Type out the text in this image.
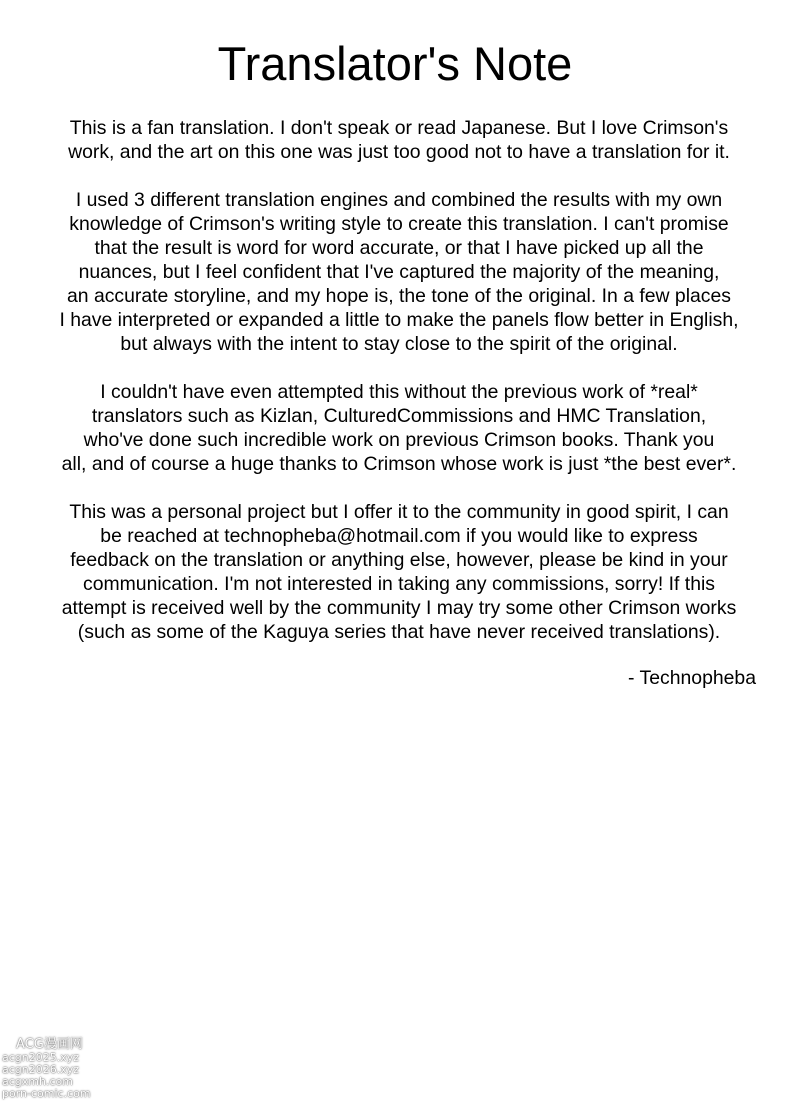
Translator's Note

This is a fan translation. I don't speak or read Japanese. But I love Crimson's
work, and the art on this one was just too good not to have a translation for it.

I used 3 different translation engines and combined the results with my own
knowledge of Crimson's writing style to create this translation. I can't promise
that the result is word for word accurate, or that I have picked up all the
nuances, but I feel confident that I've captured the majority of the meaning,
an accurate storyline, and my hope is, the tone of the original. In a few places
I have interpreted or expanded a little to make the panels flow better in English,
but always with the intent to stay close to the spirit of the original.

I couldn't have even attempted this without the previous work of *real*
translators such as Kizlan, CulturedCommissions and HMC Translation,
who've done such incredible work on previous Crimson books. Thank you
all, and of course a huge thanks to Crimson whose work is just *the best ever*.

This was a personal project but I offer it to the community in good spirit, I can
be reached at technopheba@hotmail.com if you would like to express
feedback on the translation or anything else, however, please be kind in your
communication. I'm not interested in taking any commissions, sorry! If this
attempt is received well by the community I may try some other Crimson works
(such as some of the Kaguya series that have never received translations).

- Technopheba
ACG漫画网
acgn2025.xyz
acgn2026.xyz
acgxmh.com
porn-comic.com
